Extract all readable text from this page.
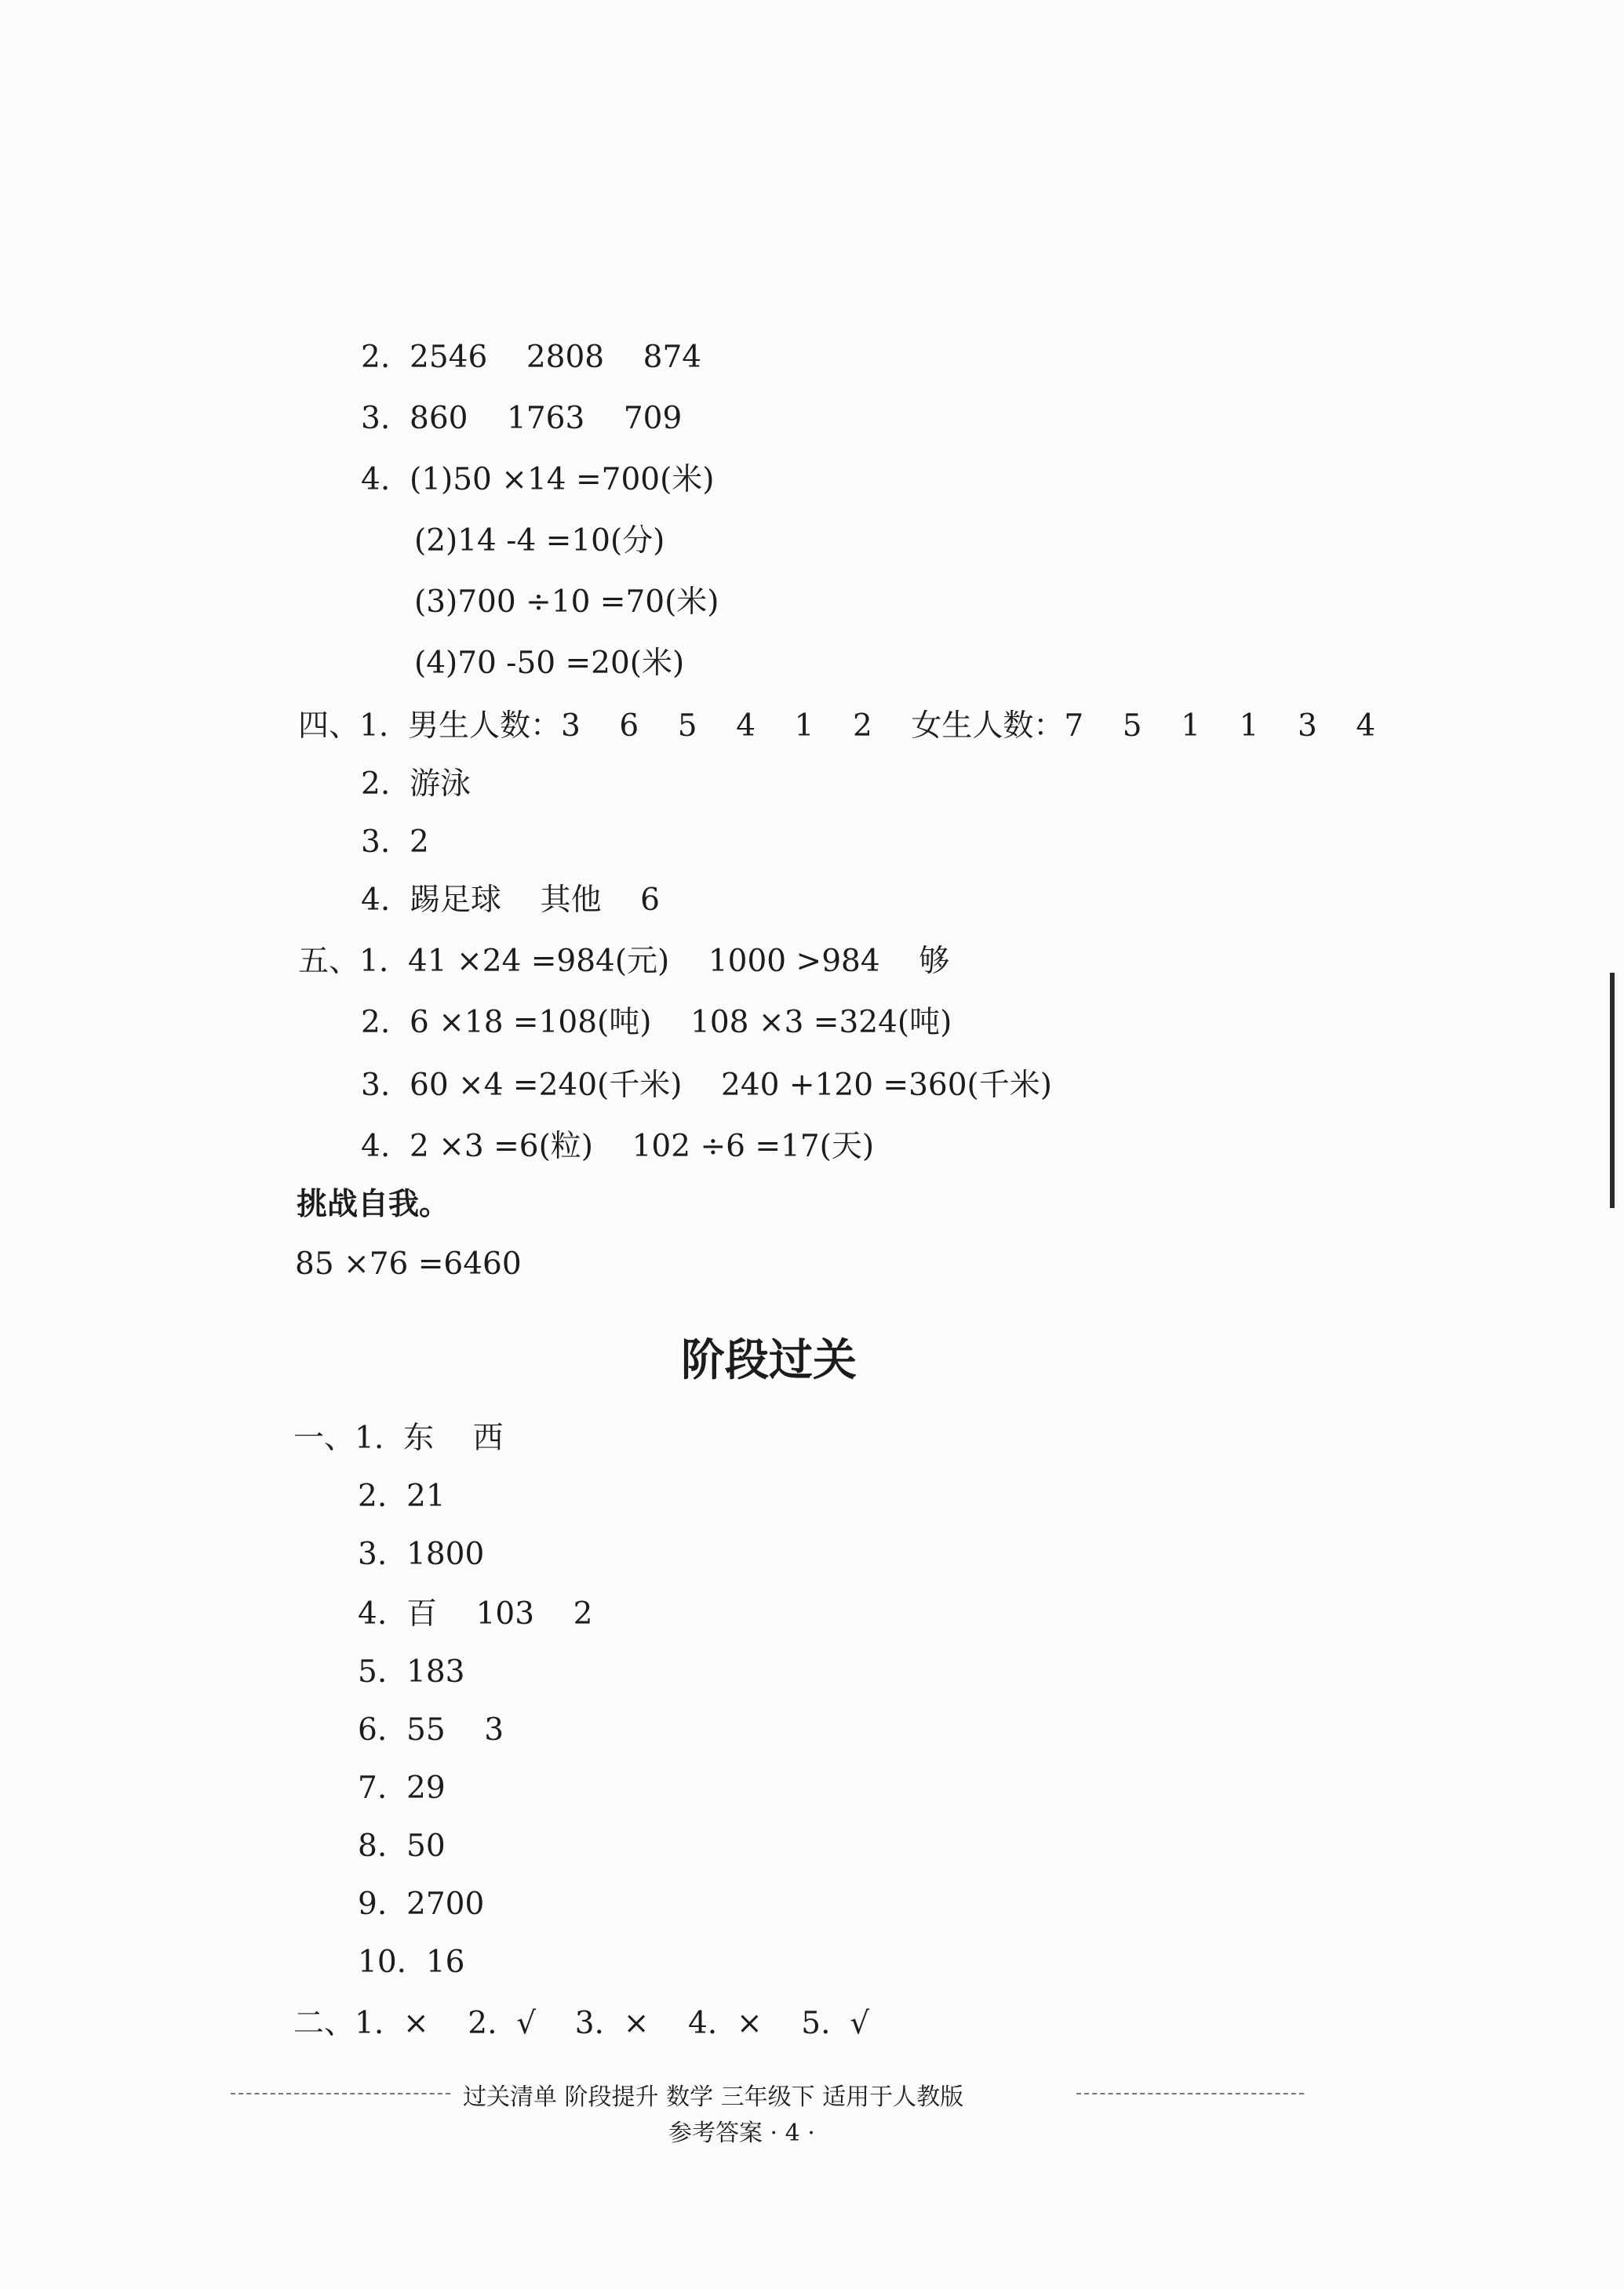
2.  2546    2808    874
3.  860    1763    709
4.  (1)50 ×14 =700(米)
(2)14 -4 =10(分)
(3)700 ÷10 =70(米)
(4)70 -50 =20(米)
四、1.  男生人数：3    6    5    4    1    2    女生人数：7    5    1    1    3    4
2.  游泳
3.  2
4.  踢足球    其他    6
五、1.  41 ×24 =984(元)    1000 >984    够
2.  6 ×18 =108(吨)    108 ×3 =324(吨)
3.  60 ×4 =240(千米)    240 +120 =360(千米)
4.  2 ×3 =6(粒)    102 ÷6 =17(天)
挑战自我。
85 ×76 =6460
阶段过关
一、1.  东    西
2.  21
3.  1800
4.  百    103    2
5.  183
6.  55    3
7.  29
8.  50
9.  2700
10.  16
二、1.  ×    2.  √    3.  ×    4.  ×    5.  √
过关清单 阶段提升 数学 三年级下 适用于人教版
参考答案 · 4 ·
